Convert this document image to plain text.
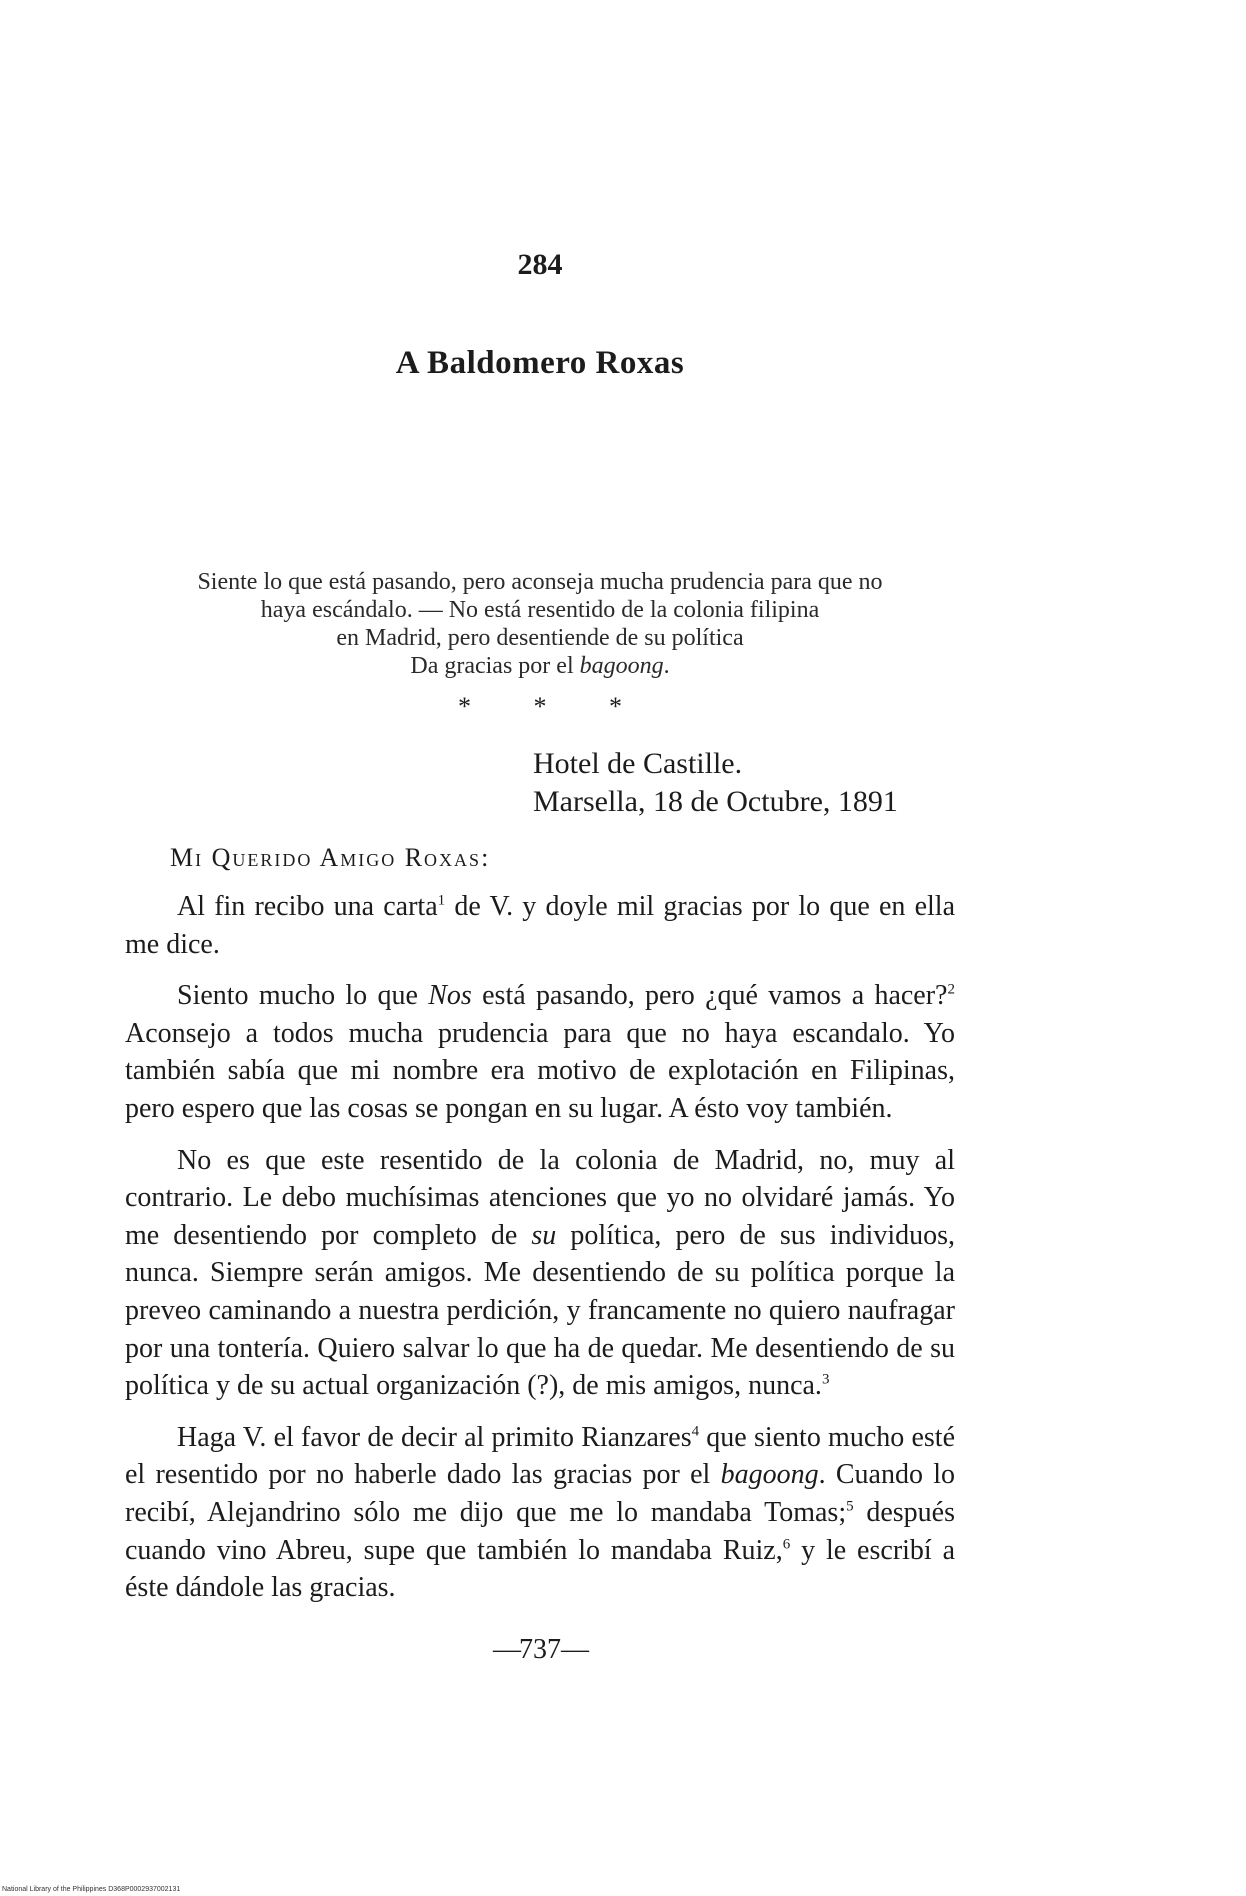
284
A Baldomero Roxas
Siente lo que está pasando, pero aconseja mucha prudencia para que no
haya escándalo. — No está resentido de la colonia filipina
en Madrid, pero desentiende de su política
Da gracias por el bagoong.
* * *
Hotel de Castille.
Marsella, 18 de Octubre, 1891
Mi Querido Amigo Roxas:

Al fin recibo una carta$^1$ de V. y doyle mil gracias por lo que en ella me dice.

Siento mucho lo que Nos está pasando, pero ¿qué vamos a hacer?$^2$ Aconsejo a todos mucha prudencia para que no haya escandalo. Yo también sabía que mi nombre era motivo de explotación en Filipinas, pero espero que las cosas se pongan en su lugar. A ésto voy también.

No es que este resentido de la colonia de Madrid, no, muy al contrario. Le debo muchísimas atenciones que yo no olvidaré jamás. Yo me desentiendo por completo de su política, pero de sus individuos, nunca. Siempre serán amigos. Me desentiendo de su política porque la preveo caminando a nuestra perdición, y francamente no quiero naufragar por una tontería. Quiero salvar lo que ha de quedar. Me desentiendo de su política y de su actual organización (?), de mis amigos, nunca.$^3$

Haga V. el favor de decir al primito Rianzares$^4$ que siento mucho esté el resentido por no haberle dado las gracias por el bagoong. Cuando lo recibí, Alejandrino sólo me dijo que me lo mandaba Tomas;$^5$ después cuando vino Abreu, supe que también lo mandaba Ruiz,$^6$ y le escribí a éste dándole las gracias.

—737—
National Library of the Philippines D368P0002937002131
